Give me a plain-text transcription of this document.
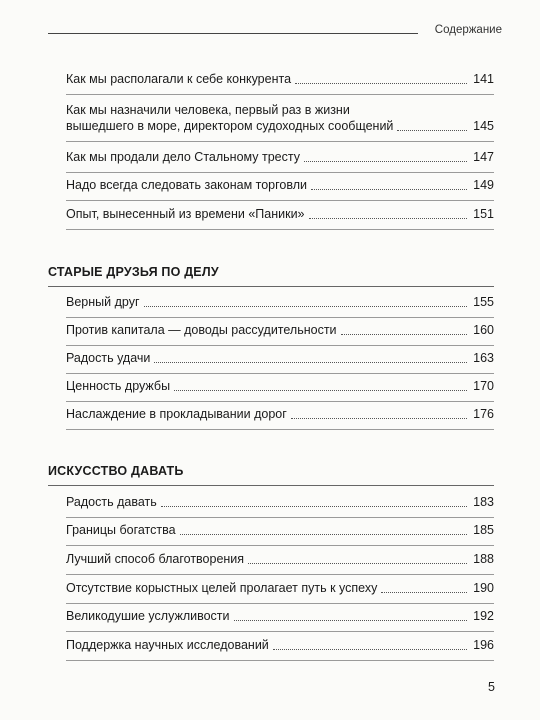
Содержание
Как мы располагали к себе конкурента	141
Как мы назначили человека, первый раз в жизни
вышедшего в море, директором судоходных сообщений	145
Как мы продали дело Стальному тресту	147
Надо всегда следовать законам торговли	149
Опыт, вынесенный из времени «Паники»	151
СТАРЫЕ ДРУЗЬЯ ПО ДЕЛУ
Верный друг	155
Против капитала — доводы рассудительности	160
Радость удачи	163
Ценность дружбы	170
Наслаждение в прокладывании дорог	176
ИСКУССТВО ДАВАТЬ
Радость давать	183
Границы богатства	185
Лучший способ благотворения	188
Отсутствие корыстных целей пролагает путь к успеху	190
Великодушие услужливости	192
Поддержка научных исследований	196
5
